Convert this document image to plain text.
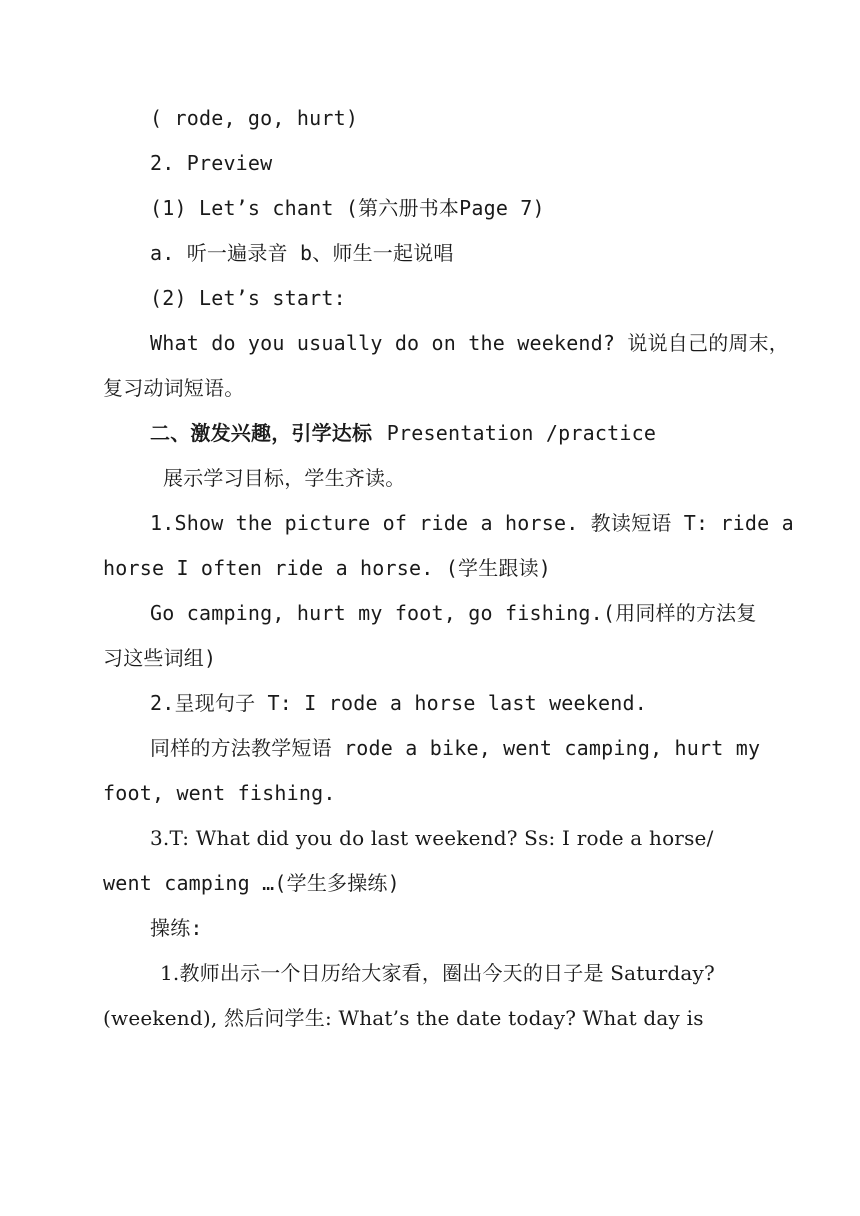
( rode, go, hurt)
2. Preview
(1) Let’s chant (第六册书本Page 7)
a. 听一遍录音 b、师生一起说唱
(2) Let’s start:
What do you usually do on the weekend? 说说自己的周末，
复习动词短语。
二、激发兴趣，引学达标 Presentation /practice
展示学习目标，学生齐读。
1.Show the picture of ride a horse. 教读短语 T: ride a
horse I often ride a horse. (学生跟读)
Go camping, hurt my foot, go fishing.(用同样的方法复
习这些词组)
2.呈现句子 T: I rode a horse last weekend.
同样的方法教学短语 rode a bike, went camping, hurt my
foot, went fishing.
3.T: What did you do last weekend? Ss: I rode a horse/
went camping …(学生多操练)
操练:
1.教师出示一个日历给大家看，圈出今天的日子是 Saturday?
(weekend), 然后问学生: What’s the date today? What day is
